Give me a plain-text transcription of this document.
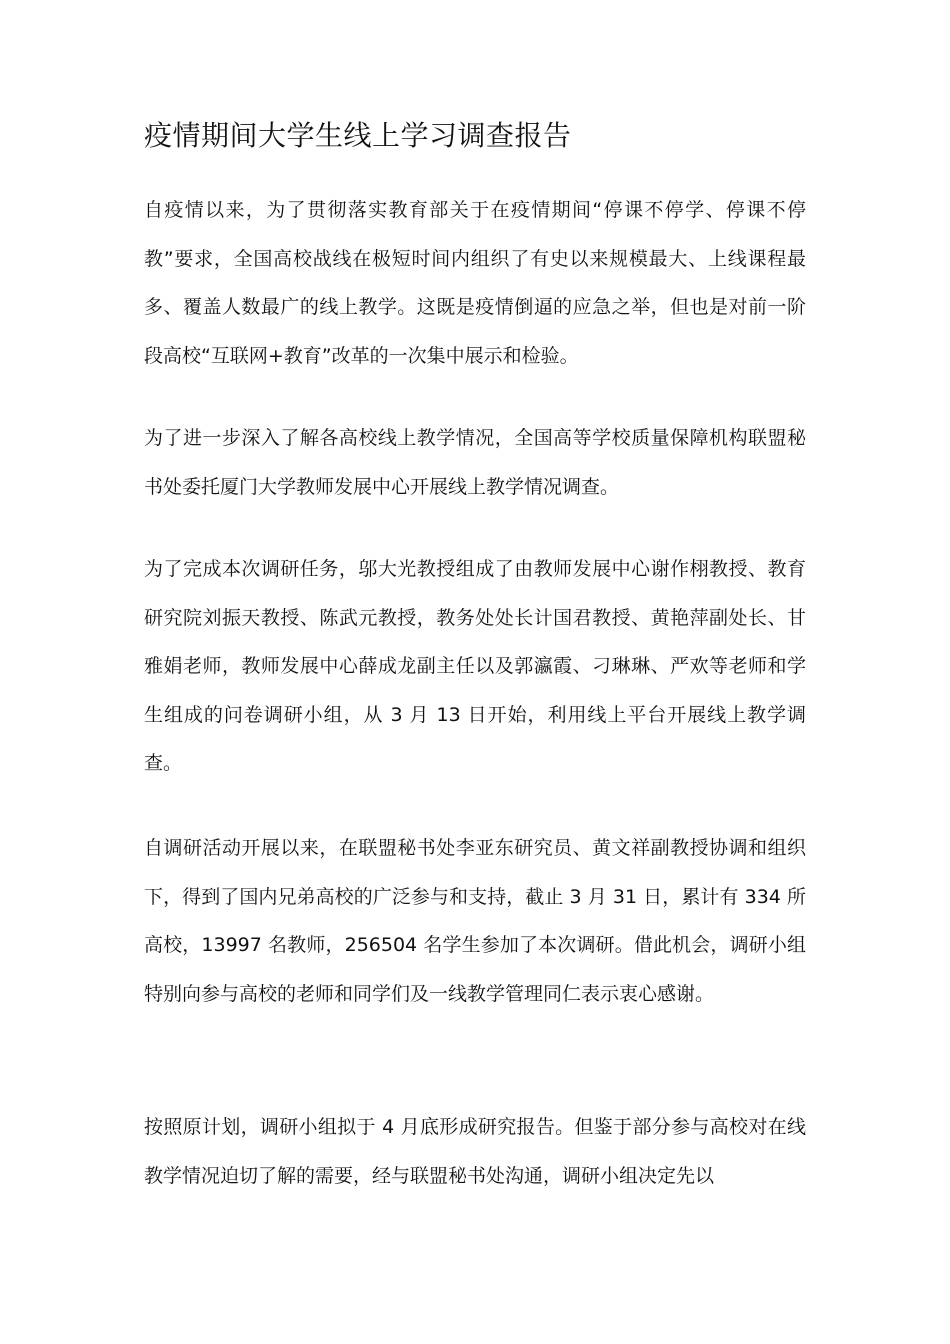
疫情期间大学生线上学习调查报告

自疫情以来，为了贯彻落实教育部关于在疫情期间“停课不停学、停课不停教”要求，全国高校战线在极短时间内组织了有史以来规模最大、上线课程最多、覆盖人数最广的线上教学。这既是疫情倒逼的应急之举，但也是对前一阶段高校“互联网+教育”改革的一次集中展示和检验。

为了进一步深入了解各高校线上教学情况，全国高等学校质量保障机构联盟秘书处委托厦门大学教师发展中心开展线上教学情况调查。

为了完成本次调研任务，邬大光教授组成了由教师发展中心谢作栩教授、教育研究院刘振天教授、陈武元教授，教务处处长计国君教授、黄艳萍副处长、甘雅娟老师，教师发展中心薛成龙副主任以及郭瀛霞、刁琳琳、严欢等老师和学生组成的问卷调研小组，从 3 月 13 日开始，利用线上平台开展线上教学调查。

自调研活动开展以来，在联盟秘书处李亚东研究员、黄文祥副教授协调和组织下，得到了国内兄弟高校的广泛参与和支持，截止 3 月 31 日，累计有 334 所高校，13997 名教师，256504 名学生参加了本次调研。借此机会，调研小组特别向参与高校的老师和同学们及一线教学管理同仁表示衷心感谢。

按照原计划，调研小组拟于 4 月底形成研究报告。但鉴于部分参与高校对在线教学情况迫切了解的需要，经与联盟秘书处沟通，调研小组决定先以
